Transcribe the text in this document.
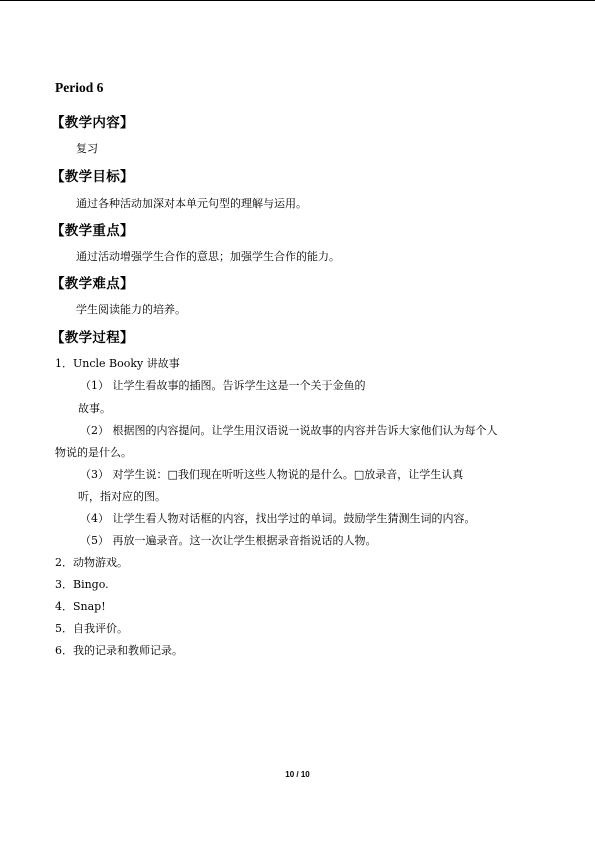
Period 6
【教学内容】
复习
【教学目标】
通过各种活动加深对本单元句型的理解与运用。
【教学重点】
通过活动增强学生合作的意思；加强学生合作的能力。
【教学难点】
学生阅读能力的培养。
【教学过程】
1．Uncle Booky 讲故事
（1） 让学生看故事的插图。告诉学生这是一个关于金鱼的
故事。
（2） 根据图的内容提问。让学生用汉语说一说故事的内容并告诉大家他们认为每个人
物说的是什么。
（3） 对学生说：□我们现在听听这些人物说的是什么。□放录音，让学生认真
听，指对应的图。
（4） 让学生看人物对话框的内容，找出学过的单词。鼓励学生猜测生词的内容。
（5） 再放一遍录音。这一次让学生根据录音指说话的人物。
2．动物游戏。
3．Bingo.
4．Snap!
5．自我评价。
6．我的记录和教师记录。
10 / 10
